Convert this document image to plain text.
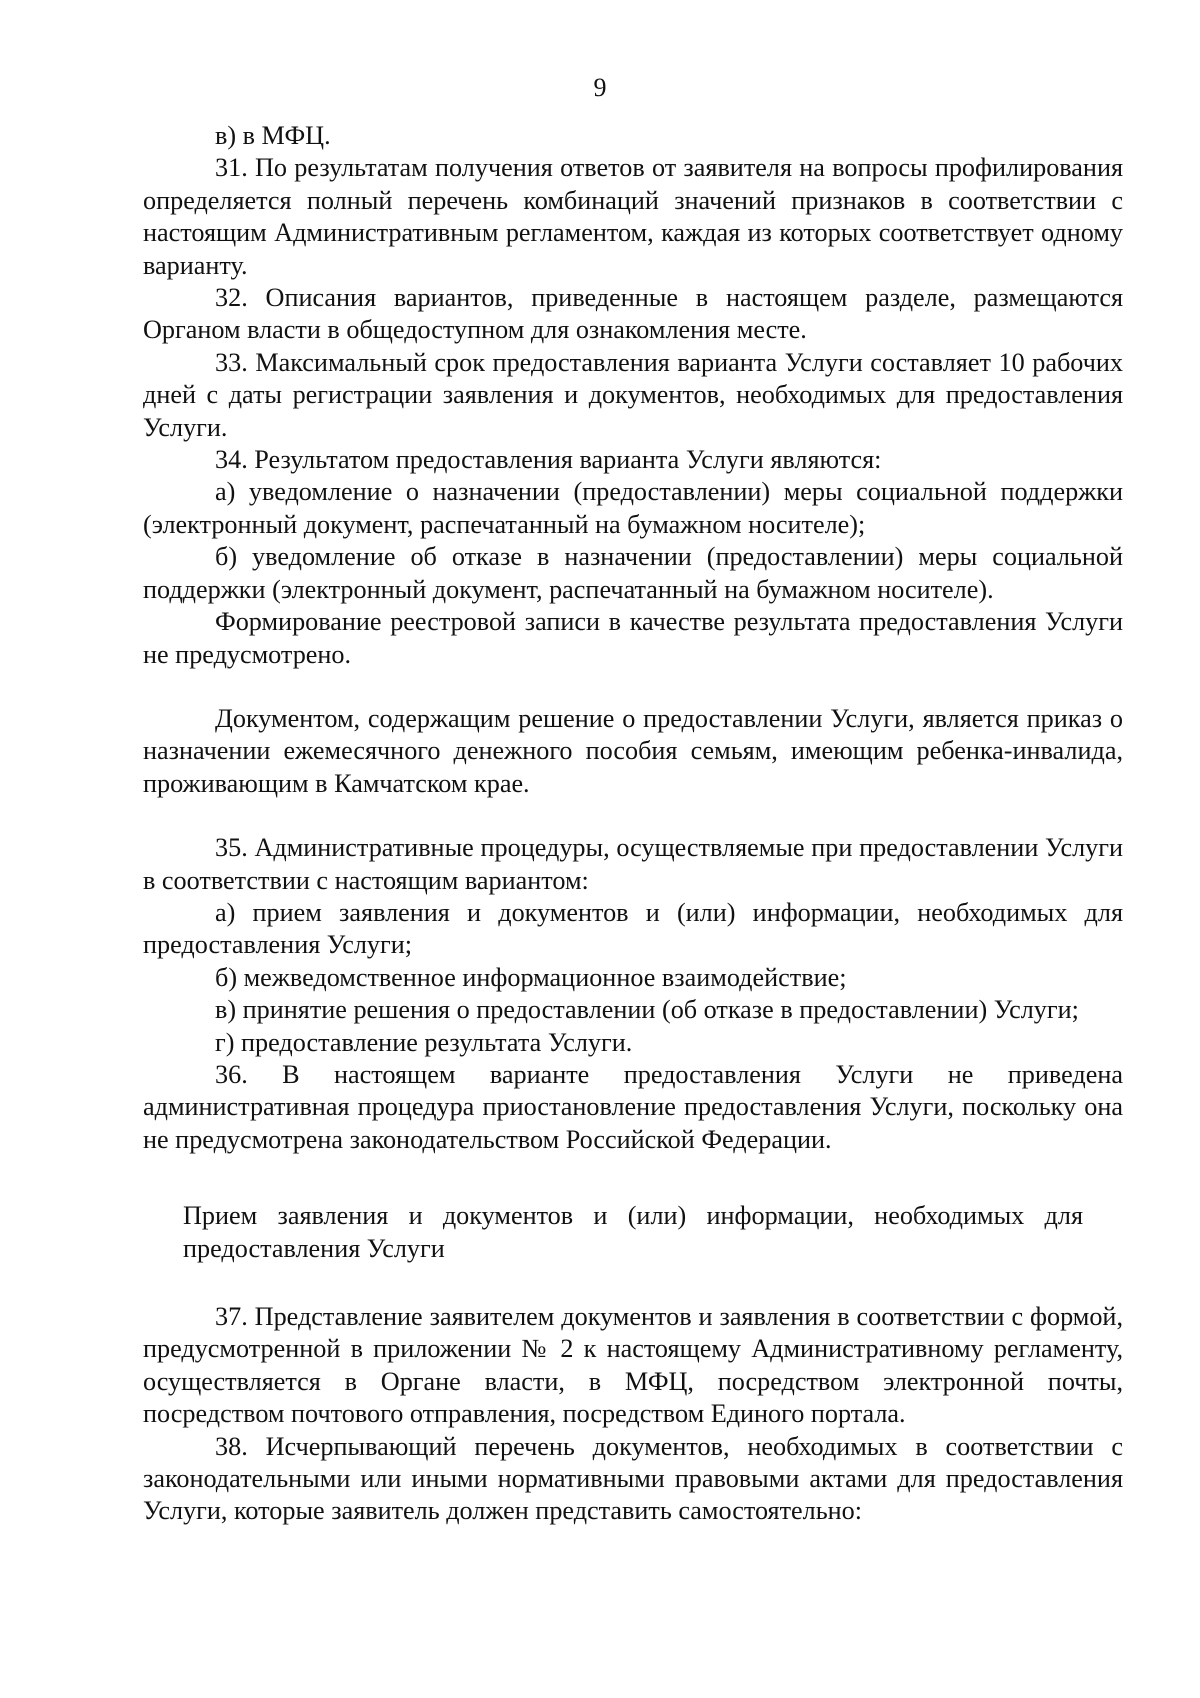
9

в) в МФЦ.

31. По результатам получения ответов от заявителя на вопросы профилирования определяется полный перечень комбинаций значений признаков в соответствии с настоящим Административным регламентом, каждая из которых соответствует одному варианту.

32. Описания вариантов, приведенные в настоящем разделе, размещаются Органом власти в общедоступном для ознакомления месте.

33. Максимальный срок предоставления варианта Услуги составляет 10 рабочих дней с даты регистрации заявления и документов, необходимых для предоставления Услуги.

34. Результатом предоставления варианта Услуги являются:

а) уведомление о назначении (предоставлении) меры социальной поддержки (электронный документ, распечатанный на бумажном носителе);

б) уведомление об отказе в назначении (предоставлении) меры социальной поддержки (электронный документ, распечатанный на бумажном носителе).

Формирование реестровой записи в качестве результата предоставления Услуги не предусмотрено.

Документом, содержащим решение о предоставлении Услуги, является приказ о назначении ежемесячного денежного пособия семьям, имеющим ребенка-инвалида, проживающим в Камчатском крае.

35. Административные процедуры, осуществляемые при предоставлении Услуги в соответствии с настоящим вариантом:

а) прием заявления и документов и (или) информации, необходимых для предоставления Услуги;

б) межведомственное информационное взаимодействие;

в) принятие решения о предоставлении (об отказе в предоставлении) Услуги;

г) предоставление результата Услуги.

36. В настоящем варианте предоставления Услуги не приведена административная процедура приостановление предоставления Услуги, поскольку она не предусмотрена законодательством Российской Федерации.

Прием заявления и документов и (или) информации, необходимых для предоставления Услуги

37. Представление заявителем документов и заявления в соответствии с формой, предусмотренной в приложении № 2 к настоящему Административному регламенту, осуществляется в Органе власти, в МФЦ, посредством электронной почты, посредством почтового отправления, посредством Единого портала.

38. Исчерпывающий перечень документов, необходимых в соответствии с законодательными или иными нормативными правовыми актами для предоставления Услуги, которые заявитель должен представить самостоятельно:
